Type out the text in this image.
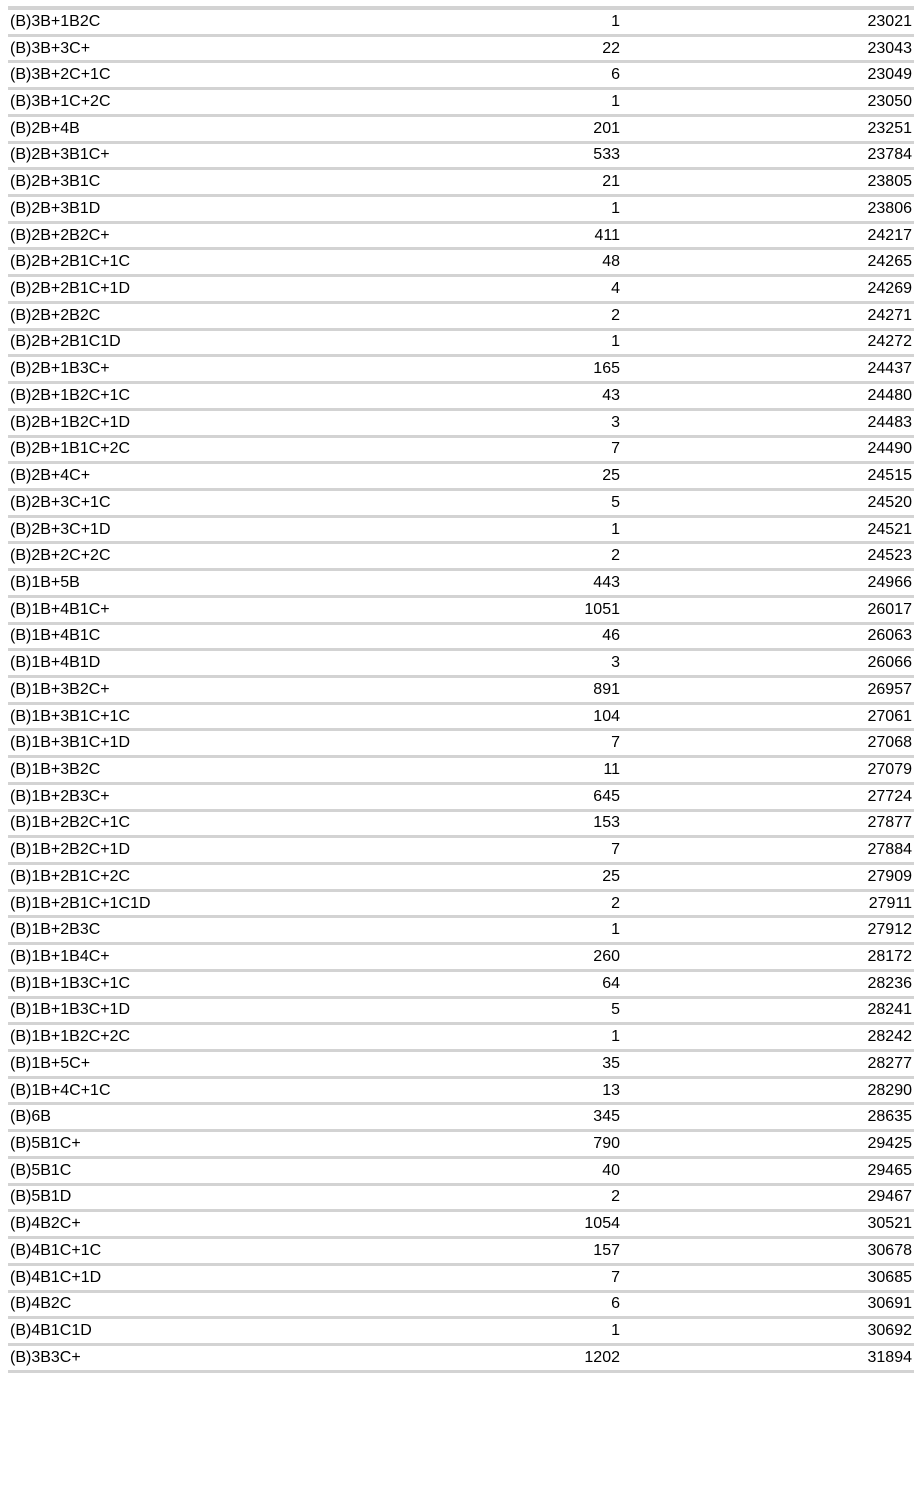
(B)3B+1B2C	1	23021
(B)3B+3C+	22	23043
(B)3B+2C+1C	6	23049
(B)3B+1C+2C	1	23050
(B)2B+4B	201	23251
(B)2B+3B1C+	533	23784
(B)2B+3B1C	21	23805
(B)2B+3B1D	1	23806
(B)2B+2B2C+	411	24217
(B)2B+2B1C+1C	48	24265
(B)2B+2B1C+1D	4	24269
(B)2B+2B2C	2	24271
(B)2B+2B1C1D	1	24272
(B)2B+1B3C+	165	24437
(B)2B+1B2C+1C	43	24480
(B)2B+1B2C+1D	3	24483
(B)2B+1B1C+2C	7	24490
(B)2B+4C+	25	24515
(B)2B+3C+1C	5	24520
(B)2B+3C+1D	1	24521
(B)2B+2C+2C	2	24523
(B)1B+5B	443	24966
(B)1B+4B1C+	1051	26017
(B)1B+4B1C	46	26063
(B)1B+4B1D	3	26066
(B)1B+3B2C+	891	26957
(B)1B+3B1C+1C	104	27061
(B)1B+3B1C+1D	7	27068
(B)1B+3B2C	11	27079
(B)1B+2B3C+	645	27724
(B)1B+2B2C+1C	153	27877
(B)1B+2B2C+1D	7	27884
(B)1B+2B1C+2C	25	27909
(B)1B+2B1C+1C1D	2	27911
(B)1B+2B3C	1	27912
(B)1B+1B4C+	260	28172
(B)1B+1B3C+1C	64	28236
(B)1B+1B3C+1D	5	28241
(B)1B+1B2C+2C	1	28242
(B)1B+5C+	35	28277
(B)1B+4C+1C	13	28290
(B)6B	345	28635
(B)5B1C+	790	29425
(B)5B1C	40	29465
(B)5B1D	2	29467
(B)4B2C+	1054	30521
(B)4B1C+1C	157	30678
(B)4B1C+1D	7	30685
(B)4B2C	6	30691
(B)4B1C1D	1	30692
(B)3B3C+	1202	31894
